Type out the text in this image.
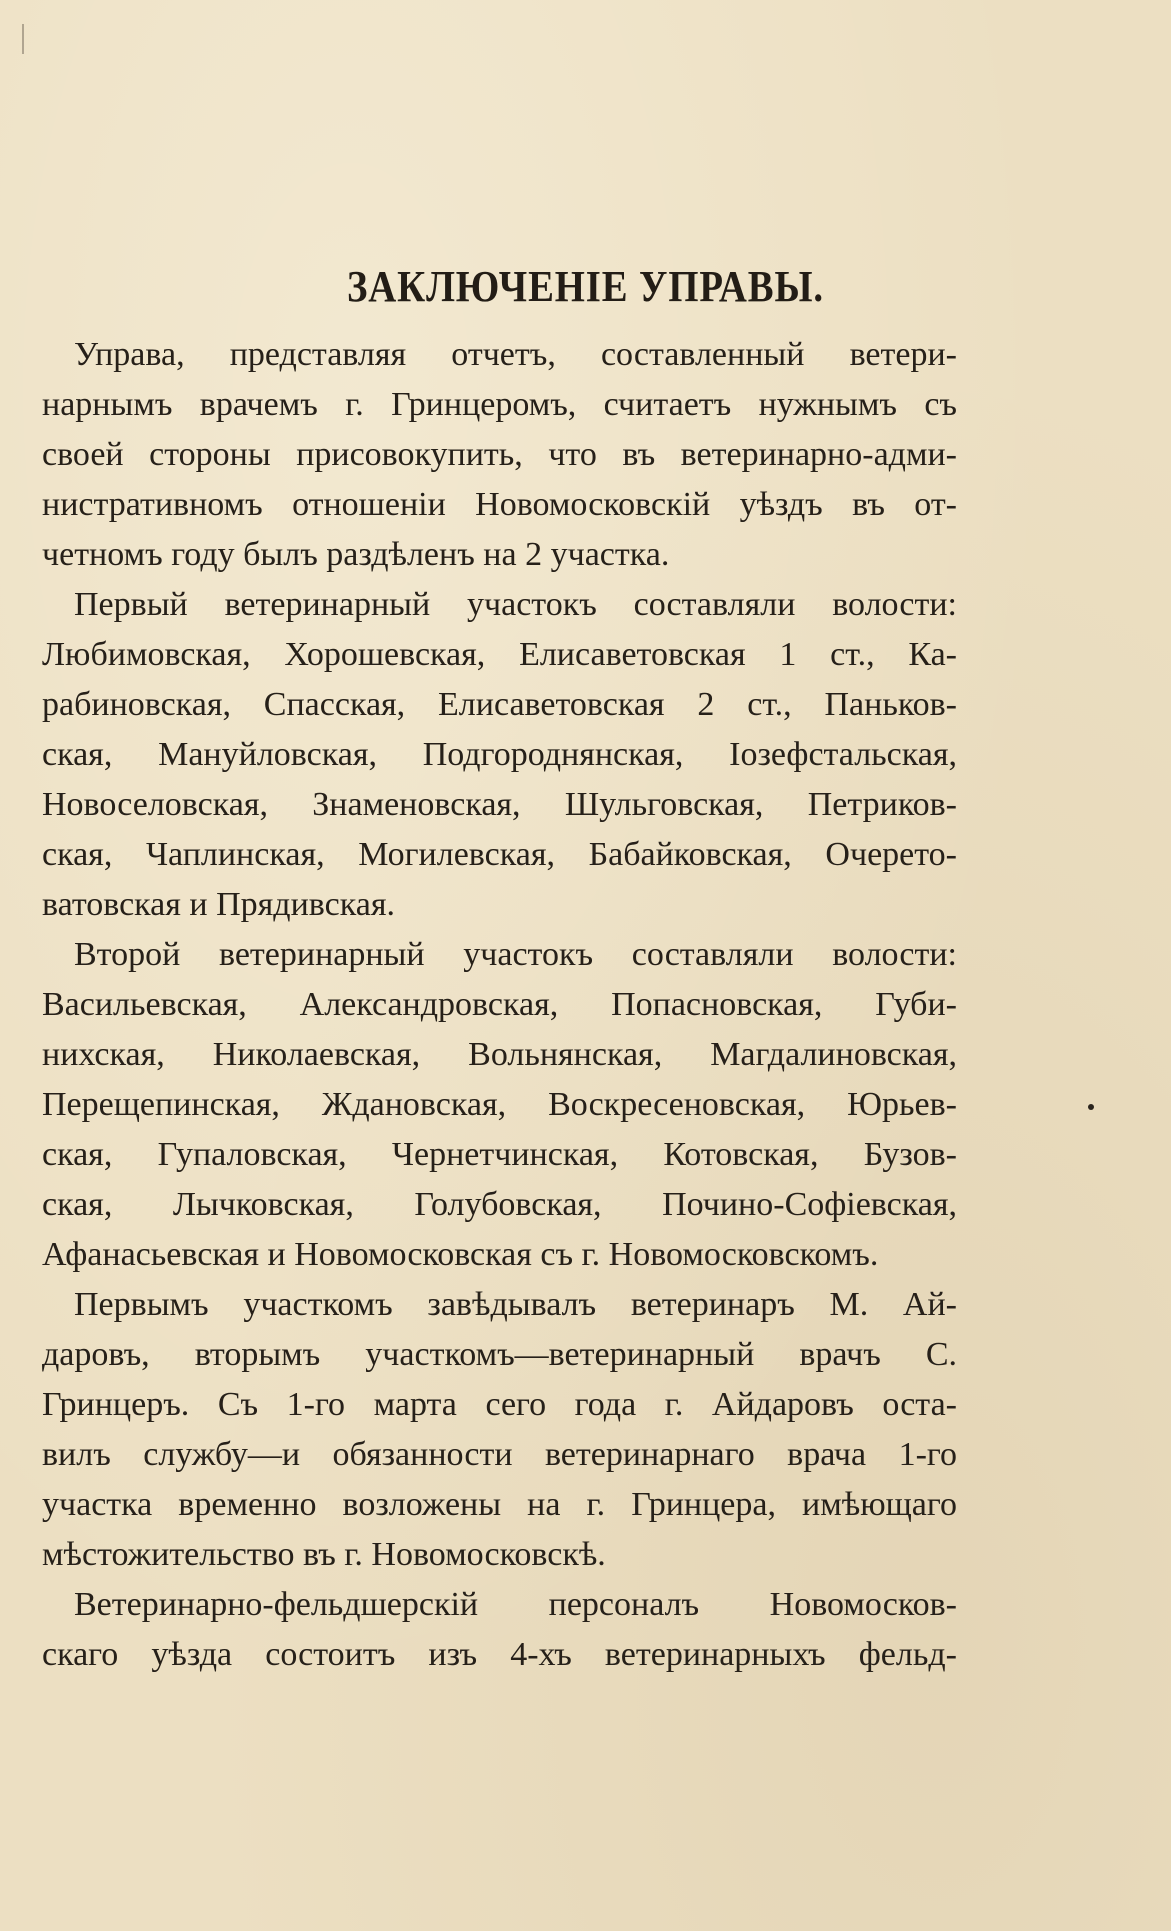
ЗАКЛЮЧЕНІЕ УПРАВЫ.
Управа, представляя отчетъ, составленный ветери-
нарнымъ врачемъ г. Гринцеромъ, считаетъ нужнымъ съ
своей стороны присовокупить, что въ ветеринарно-адми-
нистративномъ отношеніи Новомосковскій уѣздъ въ от-
четномъ году былъ раздѣленъ на 2 участка.
Первый ветеринарный участокъ составляли волости:
Любимовская, Хорошевская, Елисаветовская 1 ст., Ка-
рабиновская, Спасская, Елисаветовская 2 ст., Паньков-
ская, Мануйловская, Подгороднянская, Іозефстальская,
Новоселовская, Знаменовская, Шульговская, Петриков-
ская, Чаплинская, Могилевская, Бабайковская, Очерето-
ватовская и Прядивская.
Второй ветеринарный участокъ составляли волости:
Васильевская, Александровская, Попасновская, Губи-
нихская, Николаевская, Вольнянская, Магдалиновская,
Перещепинская, Ждановская, Воскресеновская, Юрьев-
ская, Гупаловская, Чернетчинская, Котовская, Бузов-
ская, Лычковская, Голубовская, Почино-Софіевская,
Афанасьевская и Новомосковская съ г. Новомосковскомъ.
Первымъ участкомъ завѣдывалъ ветеринаръ М. Ай-
даровъ, вторымъ участкомъ—ветеринарный врачъ С.
Гринцеръ. Съ 1-го марта сего года г. Айдаровъ оста-
вилъ службу—и обязанности ветеринарнаго врача 1-го
участка временно возложены на г. Гринцера, имѣющаго
мѣстожительство въ г. Новомосковскѣ.
Ветеринарно-фельдшерскій персоналъ Новомосков-
скаго уѣзда состоитъ изъ 4-хъ ветеринарныхъ фельд-
